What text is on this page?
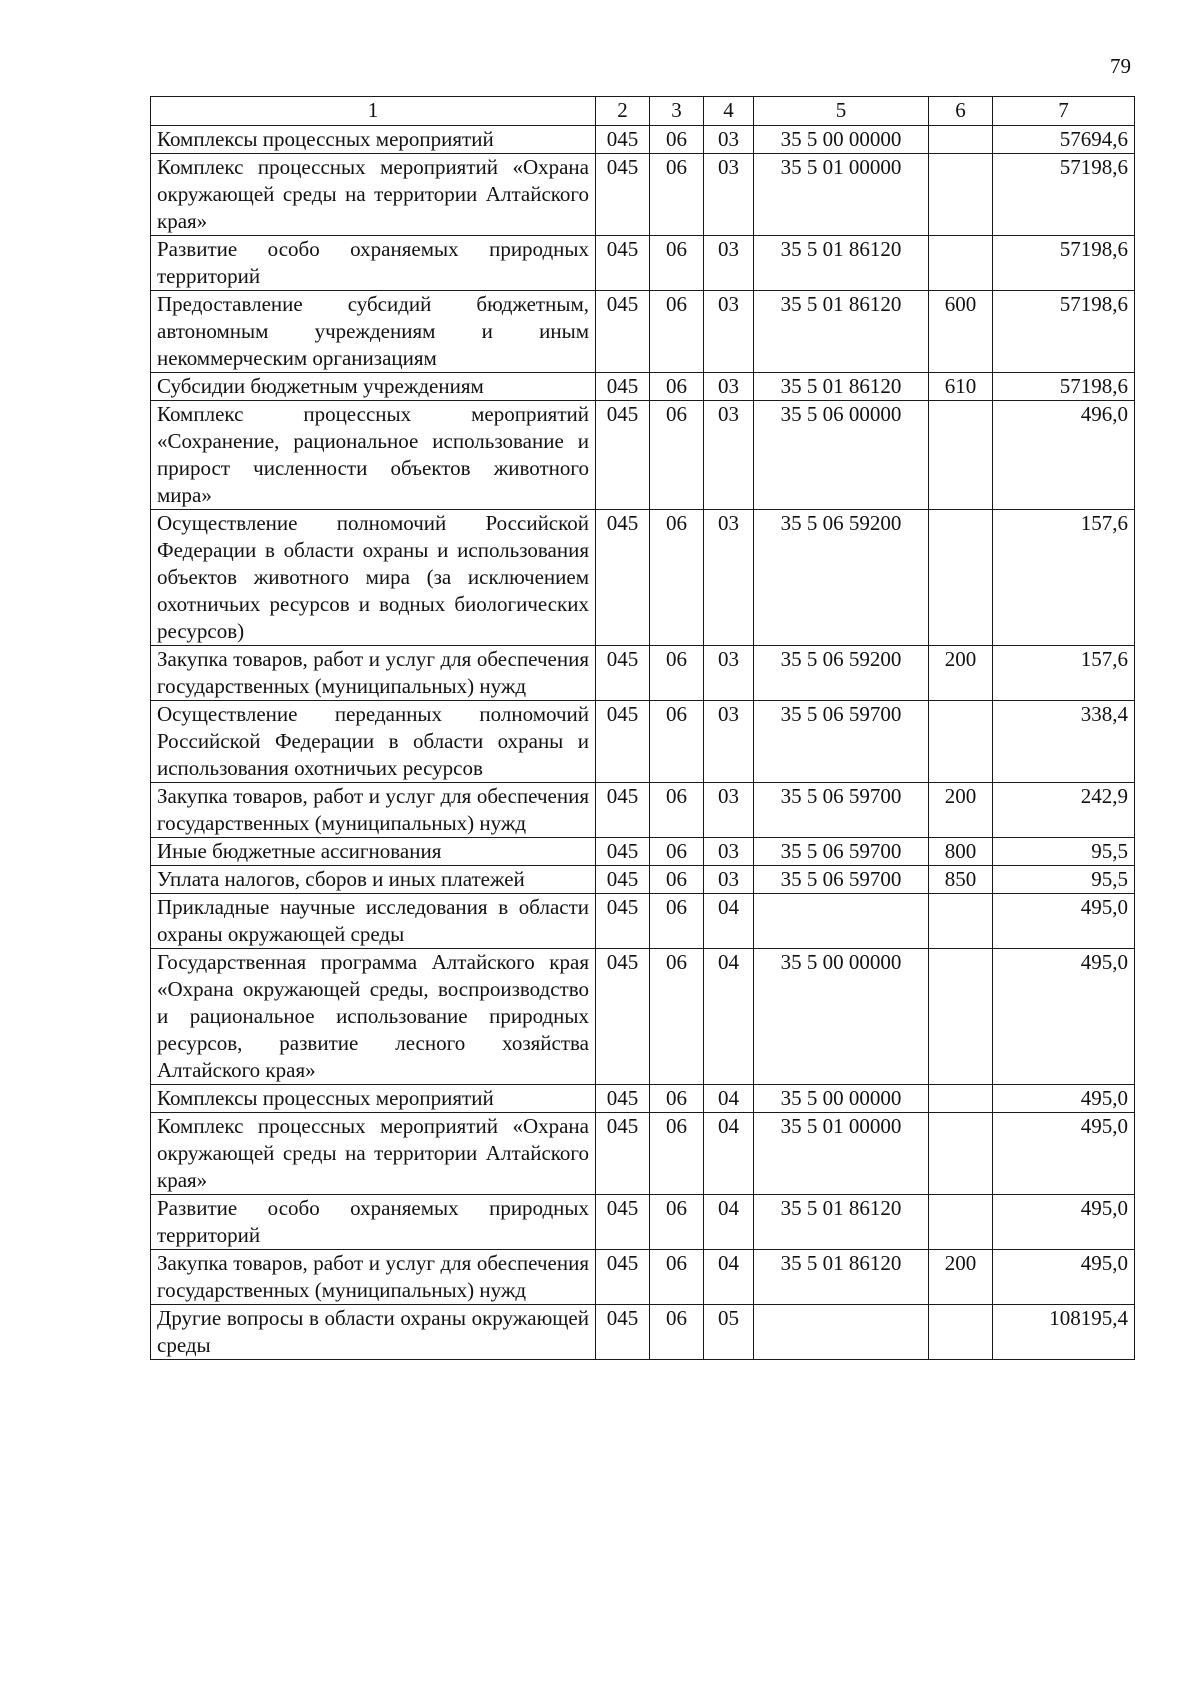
79
1	2	3	4	5	6	7
Комплексы процессных мероприятий	045	06	03	35 5 00 00000		57694,6
Комплекс процессных мероприятий «Охрана окружающей среды на территории Алтайского края»	045	06	03	35 5 01 00000		57198,6
Развитие особо охраняемых природных территорий	045	06	03	35 5 01 86120		57198,6
Предоставление субсидий бюджетным, автономным учреждениям и иным некоммерческим организациям	045	06	03	35 5 01 86120	600	57198,6
Субсидии бюджетным учреждениям	045	06	03	35 5 01 86120	610	57198,6
Комплекс процессных мероприятий «Сохранение, рациональное использование и прирост численности объектов животного мира»	045	06	03	35 5 06 00000		496,0
Осуществление полномочий Российской Федерации в области охраны и использования объектов животного мира (за исключением охотничьих ресурсов и водных биологических ресурсов)	045	06	03	35 5 06 59200		157,6
Закупка товаров, работ и услуг для обеспечения государственных (муниципальных) нужд	045	06	03	35 5 06 59200	200	157,6
Осуществление переданных полномочий Российской Федерации в области охраны и использования охотничьих ресурсов	045	06	03	35 5 06 59700		338,4
Закупка товаров, работ и услуг для обеспечения государственных (муниципальных) нужд	045	06	03	35 5 06 59700	200	242,9
Иные бюджетные ассигнования	045	06	03	35 5 06 59700	800	95,5
Уплата налогов, сборов и иных платежей	045	06	03	35 5 06 59700	850	95,5
Прикладные научные исследования в области охраны окружающей среды	045	06	04			495,0
Государственная программа Алтайского края «Охрана окружающей среды, воспроизводство и рациональное использование природных ресурсов, развитие лесного хозяйства Алтайского края»	045	06	04	35 5 00 00000		495,0
Комплексы процессных мероприятий	045	06	04	35 5 00 00000		495,0
Комплекс процессных мероприятий «Охрана окружающей среды на территории Алтайского края»	045	06	04	35 5 01 00000		495,0
Развитие особо охраняемых природных территорий	045	06	04	35 5 01 86120		495,0
Закупка товаров, работ и услуг для обеспечения государственных (муниципальных) нужд	045	06	04	35 5 01 86120	200	495,0
Другие вопросы в области охраны окружающей среды	045	06	05			108195,4
